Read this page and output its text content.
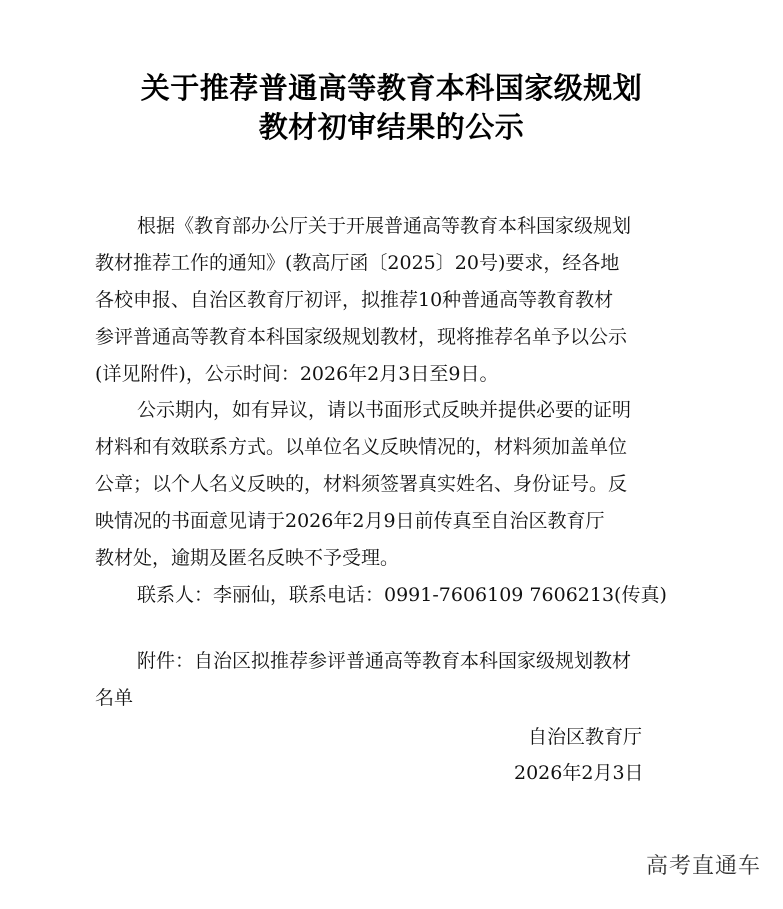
关于推荐普通高等教育本科国家级规划
教材初审结果的公示
根据《教育部办公厅关于开展普通高等教育本科国家级规划
教材推荐工作的通知》(教高厅函〔2025〕20号)要求，经各地
各校申报、自治区教育厅初评，拟推荐10种普通高等教育教材
参评普通高等教育本科国家级规划教材，现将推荐名单予以公示
(详见附件)，公示时间：2026年2月3日至9日。
公示期内，如有异议，请以书面形式反映并提供必要的证明
材料和有效联系方式。以单位名义反映情况的，材料须加盖单位
公章；以个人名义反映的，材料须签署真实姓名、身份证号。反
映情况的书面意见请于2026年2月9日前传真至自治区教育厅
教材处，逾期及匿名反映不予受理。
联系人：李丽仙，联系电话：0991-7606109 7606213(传真)
附件：自治区拟推荐参评普通高等教育本科国家级规划教材
名单
自治区教育厅
2026年2月3日
高考直通车
